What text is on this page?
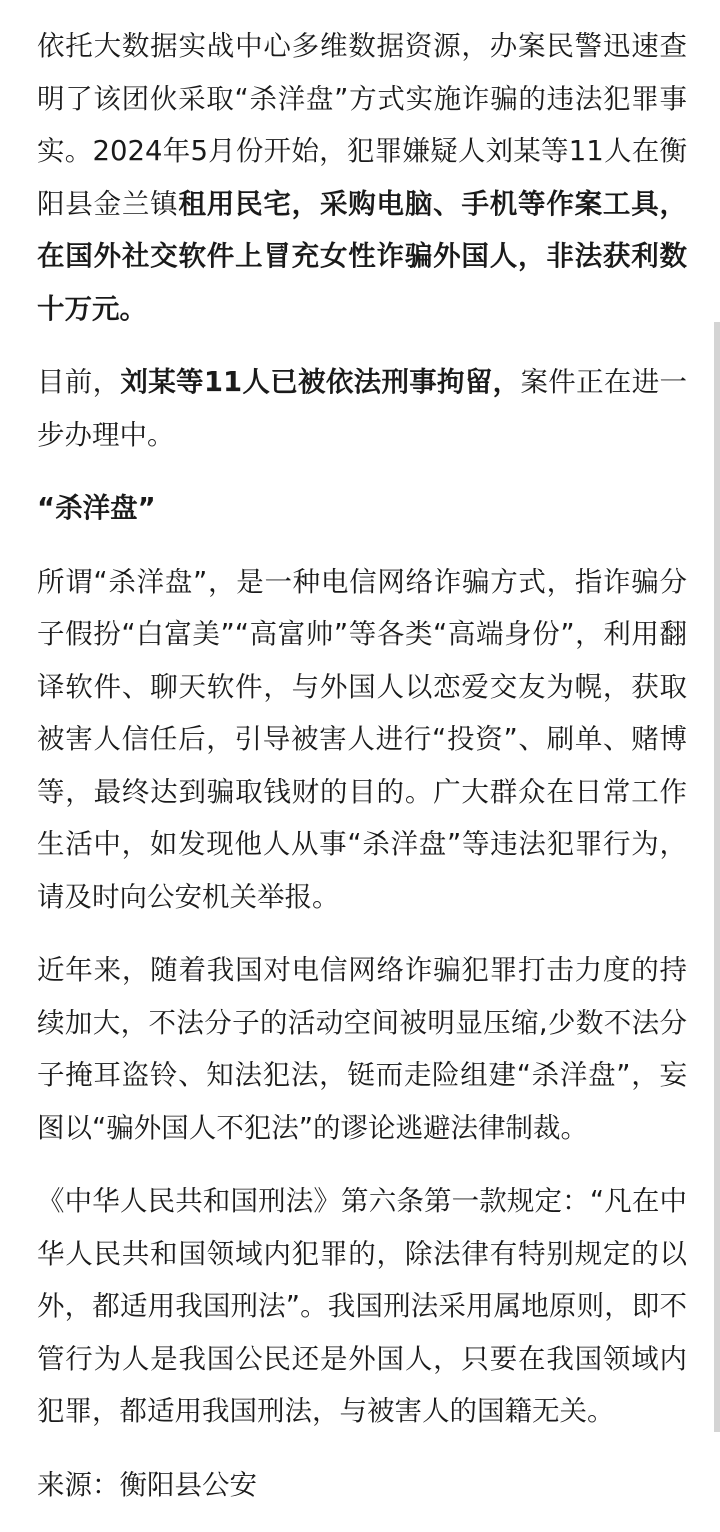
依托大数据实战中心多维数据资源，办案民警迅速查明了该团伙采取“杀洋盘”方式实施诈骗的违法犯罪事实。2024年5月份开始，犯罪嫌疑人刘某等11人在衡阳县金兰镇租用民宅，采购电脑、手机等作案工具，在国外社交软件上冒充女性诈骗外国人，非法获利数十万元。

目前，刘某等11人已被依法刑事拘留，案件正在进一步办理中。

“杀洋盘”

所谓“杀洋盘”，是一种电信网络诈骗方式，指诈骗分子假扮“白富美”“高富帅”等各类“高端身份”，利用翻译软件、聊天软件，与外国人以恋爱交友为幌，获取被害人信任后，引导被害人进行“投资”、刷单、赌博等，最终达到骗取钱财的目的。广大群众在日常工作生活中，如发现他人从事“杀洋盘”等违法犯罪行为，请及时向公安机关举报。

近年来，随着我国对电信网络诈骗犯罪打击力度的持续加大，不法分子的活动空间被明显压缩,少数不法分子掩耳盗铃、知法犯法，铤而走险组建“杀洋盘”，妄图以“骗外国人不犯法”的谬论逃避法律制裁。

《中华人民共和国刑法》第六条第一款规定：“凡在中华人民共和国领域内犯罪的，除法律有特别规定的以外，都适用我国刑法”。我国刑法采用属地原则，即不管行为人是我国公民还是外国人，只要在我国领域内犯罪，都适用我国刑法，与被害人的国籍无关。

来源：衡阳县公安
